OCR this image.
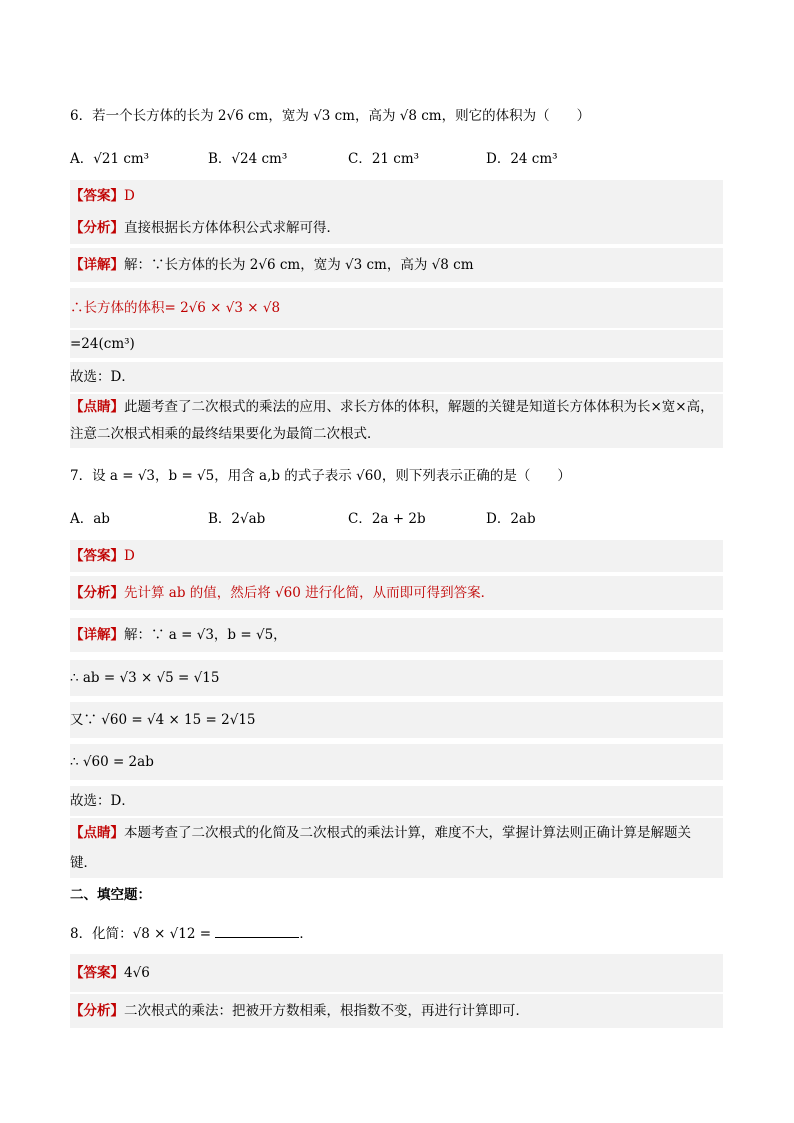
6．若一个长方体的长为 2√6 cm，宽为 √3 cm，高为 √8 cm，则它的体积为（　　）
A．√21 cm³	B．√24 cm³	C．21 cm³	D．24 cm³
【答案】D
【分析】直接根据长方体体积公式求解可得．
【详解】解：∵长方体的长为 2√6 cm，宽为 √3 cm，高为 √8 cm
∴长方体的体积= 2√6 × √3 × √8
=24(cm³)
故选：D．
【点睛】此题考查了二次根式的乘法的应用、求长方体的体积，解题的关键是知道长方体体积为长×宽×高，
注意二次根式相乘的最终结果要化为最简二次根式．
7．设 a = √3，b = √5，用含 a,b 的式子表示 √60，则下列表示正确的是（　　）
A．ab	B．2√ab	C．2a + 2b	D．2ab
【答案】D
【分析】先计算 ab 的值，然后将 √60 进行化简，从而即可得到答案．
【详解】解：∵ a = √3，b = √5，
∴ ab = √3 × √5 = √15
又∵ √60 = √4 × 15 = 2√15
∴ √60 = 2ab
故选：D．
【点睛】本题考查了二次根式的化简及二次根式的乘法计算，难度不大，掌握计算法则正确计算是解题关
键．
二、填空题：
8．化简：√8 × √12 =	．
【答案】4√6
【分析】二次根式的乘法：把被开方数相乘，根指数不变，再进行计算即可．
